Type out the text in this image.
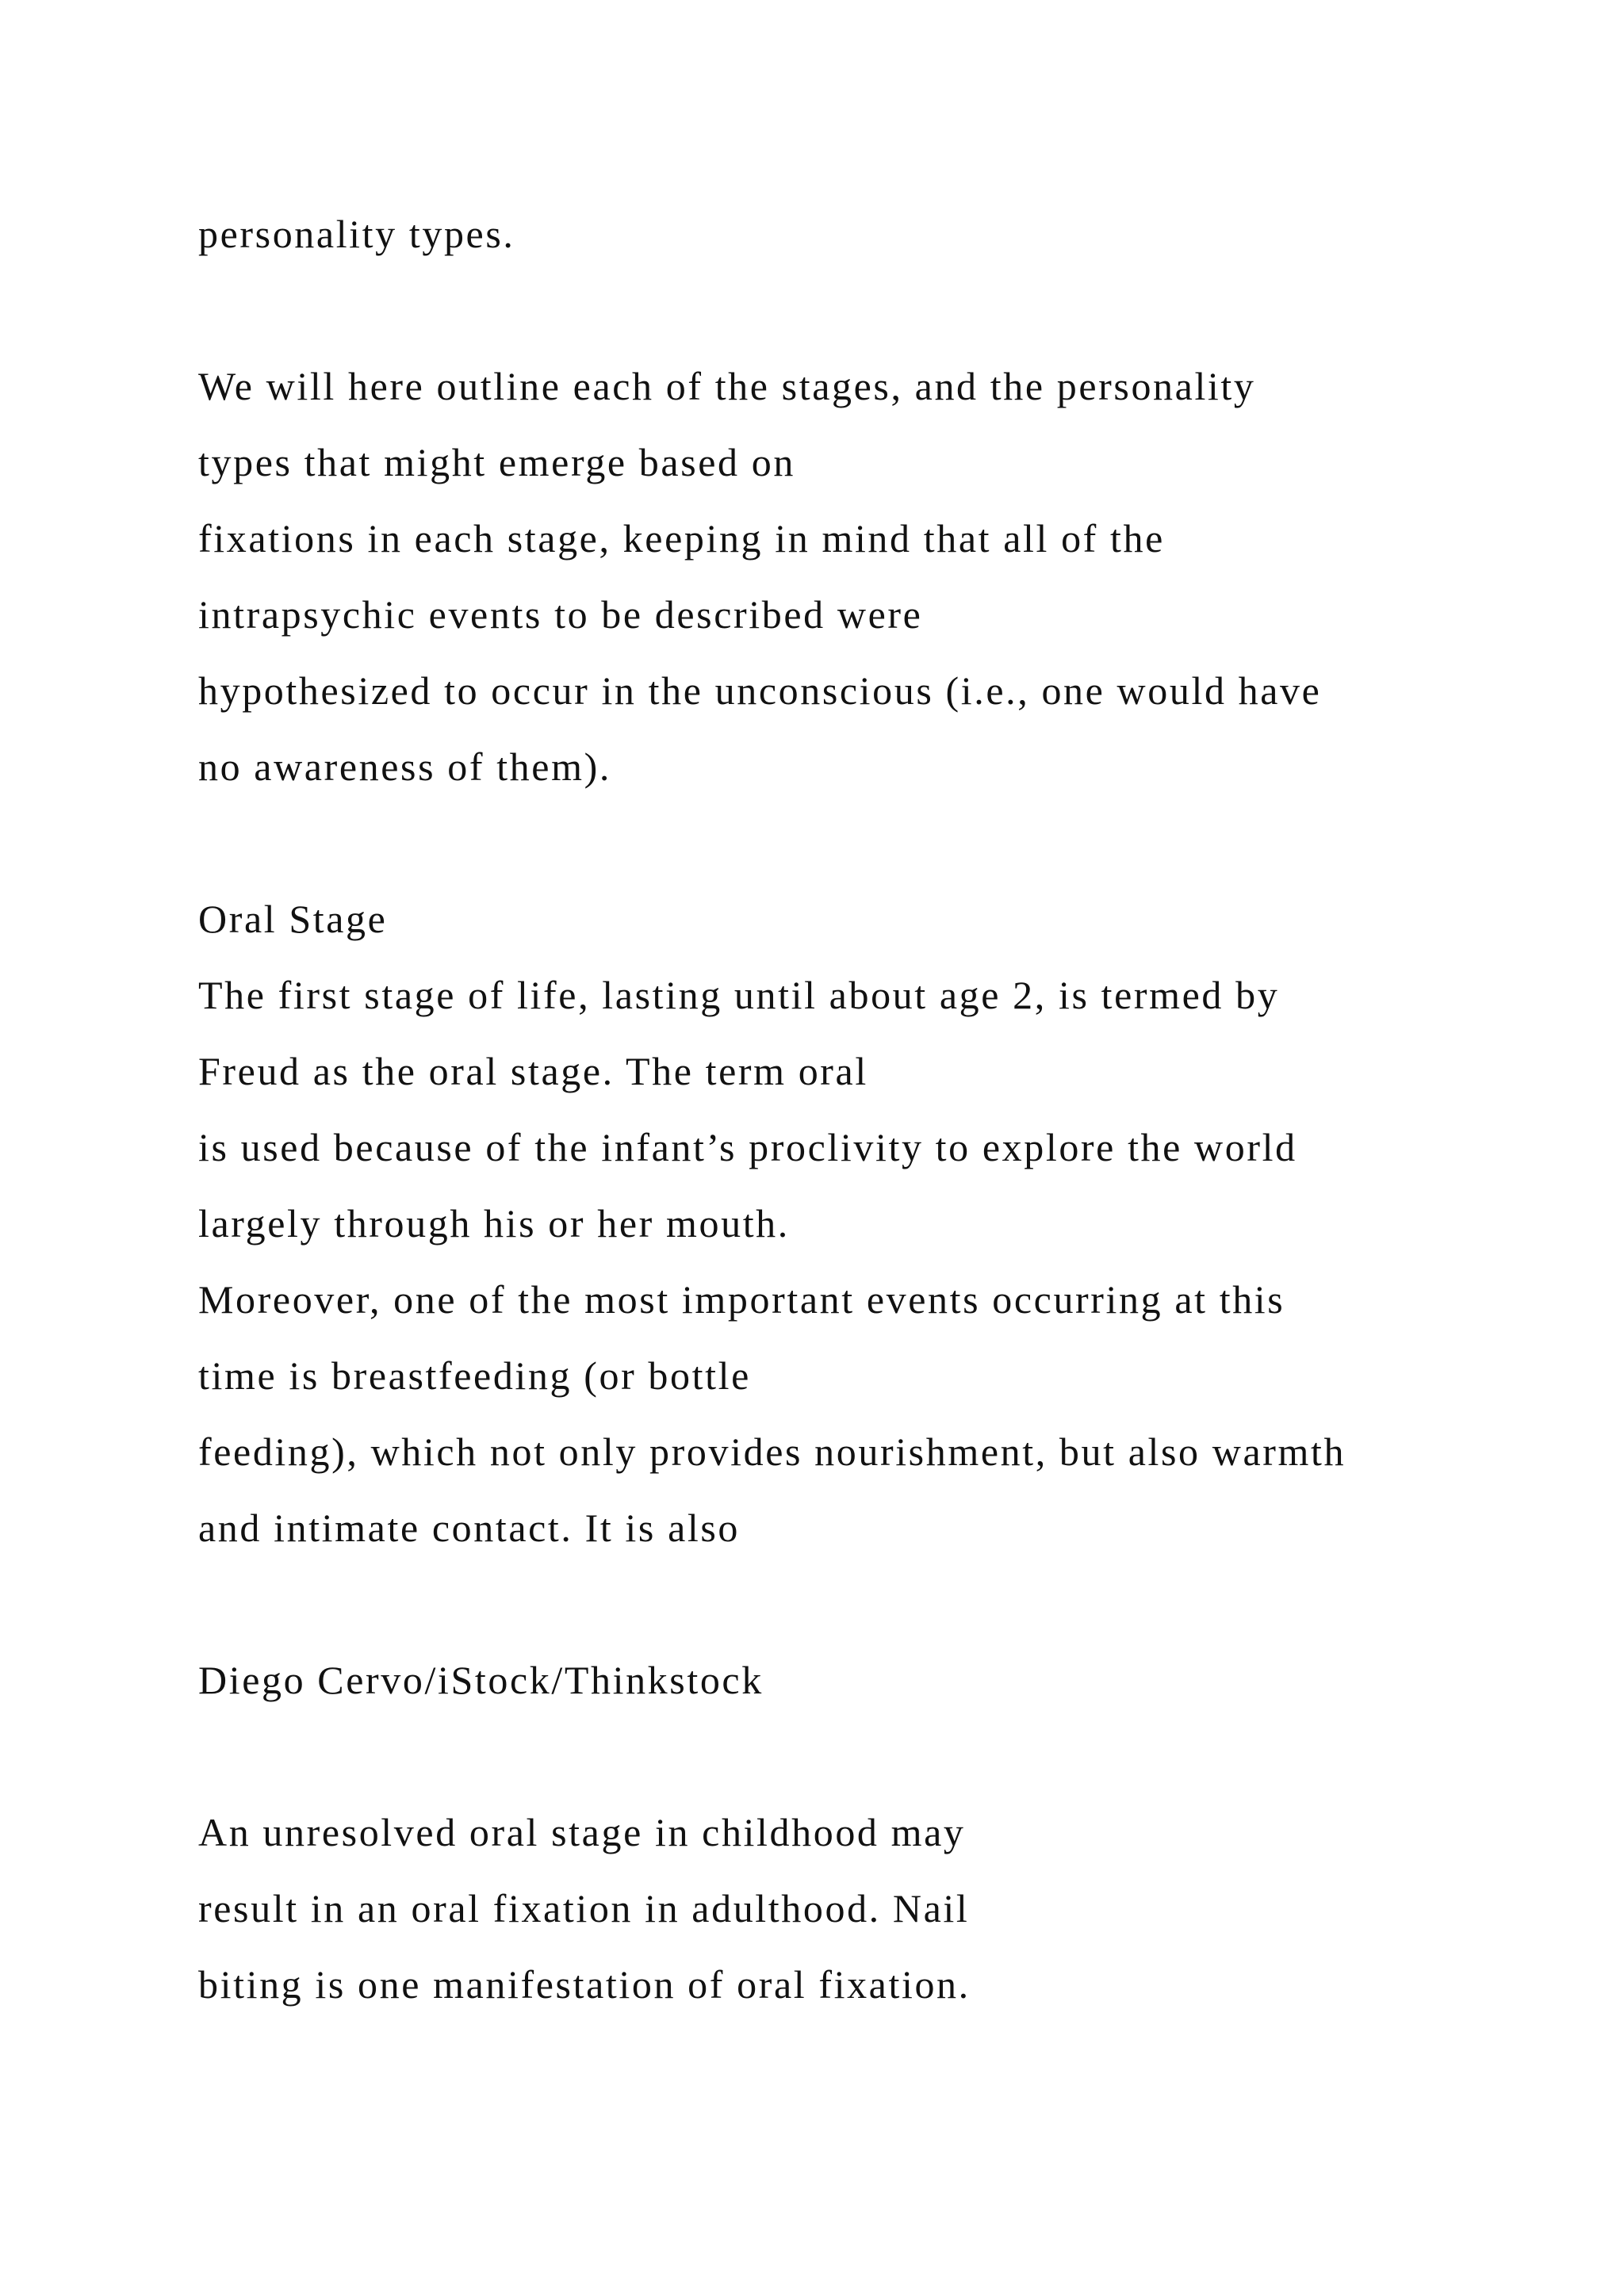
personality types.
We will here outline each of the stages, and the personality
types that might emerge based on
fixations in each stage, keeping in mind that all of the
intrapsychic events to be described were
hypothesized to occur in the unconscious (i.e., one would have
no awareness of them).
Oral Stage
The first stage of life, lasting until about age 2, is termed by
Freud as the oral stage. The term oral
is used because of the infant’s proclivity to explore the world
largely through his or her mouth.
Moreover, one of the most important events occurring at this
time is breastfeeding (or bottle
feeding), which not only provides nourishment, but also warmth
and intimate contact. It is also
Diego Cervo/iStock/Thinkstock
An unresolved oral stage in childhood may
result in an oral fixation in adulthood. Nail
biting is one manifestation of oral fixation.
